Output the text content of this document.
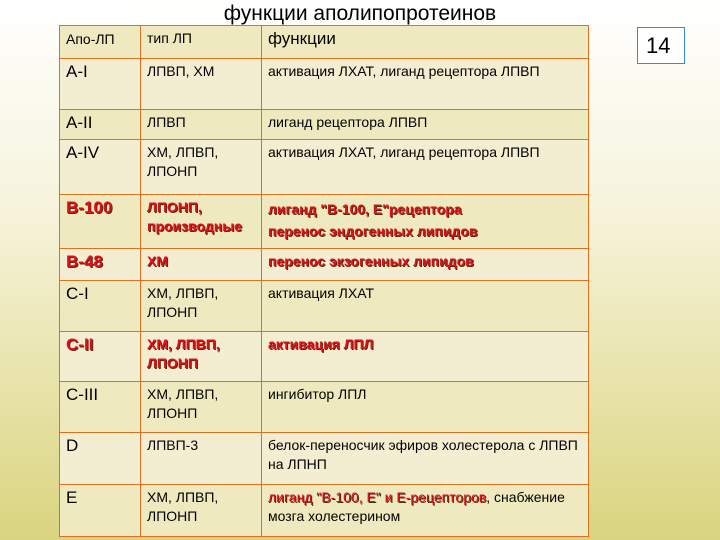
функции аполипопротеинов
14
Апо-ЛП	тип ЛП	функции
A-I	ЛПВП, ХМ	активация ЛХАТ, лиганд рецептора ЛПВП
A-II	ЛПВП	лиганд рецептора ЛПВП
A-IV	ХМ, ЛПВП, ЛПОНП	активация ЛХАТ, лиганд рецептора ЛПВП
B-100	ЛПОНП, производные	лиганд "B-100, E"рецептора
перенос эндогенных липидов
B-48	ХМ	перенос экзогенных липидов
C-I	ХМ, ЛПВП, ЛПОНП	активация ЛХАТ
C-II	ХМ, ЛПВП, ЛПОНП	активация ЛПЛ
C-III	ХМ, ЛПВП, ЛПОНП	ингибитор ЛПЛ
D	ЛПВП-3	белок-переносчик эфиров холестерола с ЛПВП на ЛПНП
E	ХМ, ЛПВП, ЛПОНП	лиганд "B-100, E" и E-рецепторов, снабжение мозга холестерином
